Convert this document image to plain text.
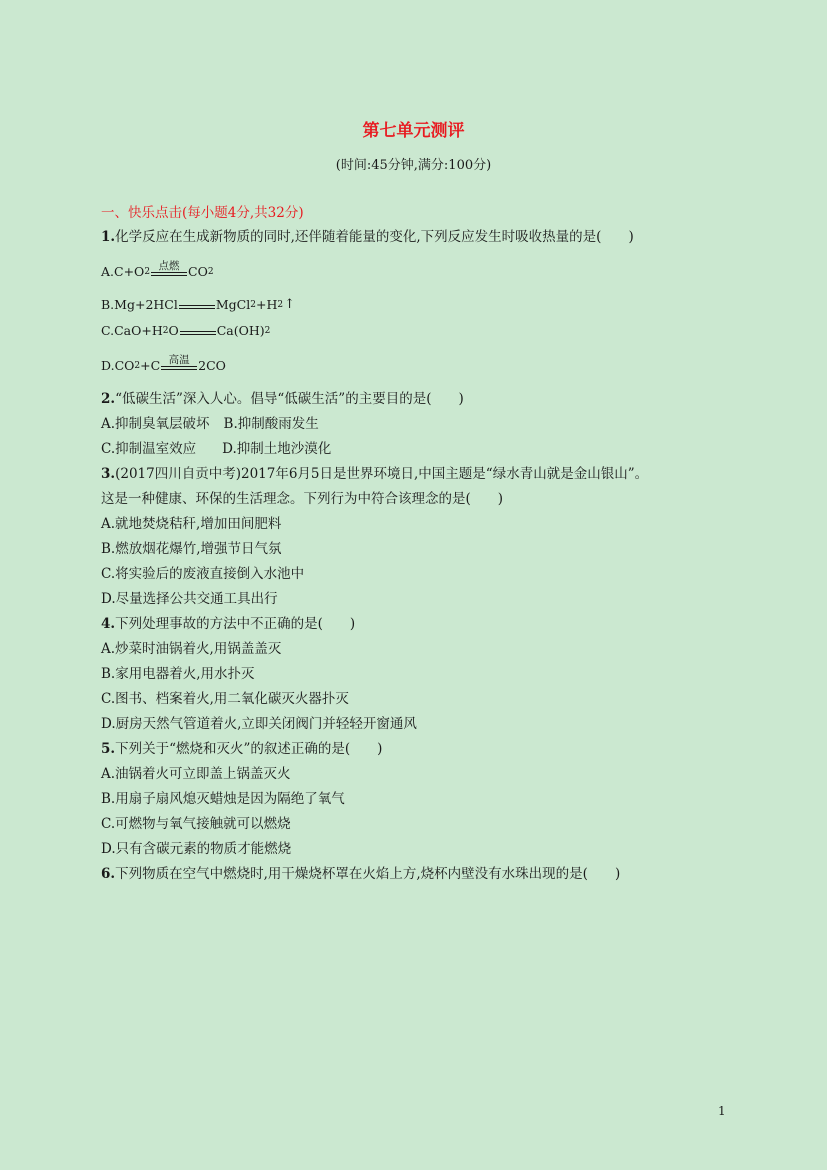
第七单元测评
(时间:45分钟,满分:100分)
一、快乐点击(每小题4分,共32分)
1.化学反应在生成新物质的同时,还伴随着能量的变化,下列反应发生时吸收热量的是(　　)
A. C+O 2 点燃 CO 2
B. Mg+2HCl	MgCl 2 +H 2 ↑
C. CaO+H 2 O	Ca(OH) 2
D. CO 2 +C 高温 2CO
2.“低碳生活”深入人心。倡导“低碳生活”的主要目的是(　　)
A.抑制臭氧层破坏 B.抑制酸雨发生
C.抑制温室效应 D.抑制土地沙漠化
3.(2017四川自贡中考)2017年6月5日是世界环境日,中国主题是“绿水青山就是金山银山”。
这是一种健康、环保的生活理念。下列行为中符合该理念的是(　　)
A.就地焚烧秸秆,增加田间肥料
B.燃放烟花爆竹,增强节日气氛
C.将实验后的废液直接倒入水池中
D.尽量选择公共交通工具出行
4.下列处理事故的方法中不正确的是(　　)
A.炒菜时油锅着火,用锅盖盖灭
B.家用电器着火,用水扑灭
C.图书、档案着火,用二氧化碳灭火器扑灭
D.厨房天然气管道着火,立即关闭阀门并轻轻开窗通风
5.下列关于“燃烧和灭火”的叙述正确的是(　　)
A.油锅着火可立即盖上锅盖灭火
B.用扇子扇风熄灭蜡烛是因为隔绝了氧气
C.可燃物与氧气接触就可以燃烧
D.只有含碳元素的物质才能燃烧
6.下列物质在空气中燃烧时,用干燥烧杯罩在火焰上方,烧杯内壁没有水珠出现的是(　　)
1
